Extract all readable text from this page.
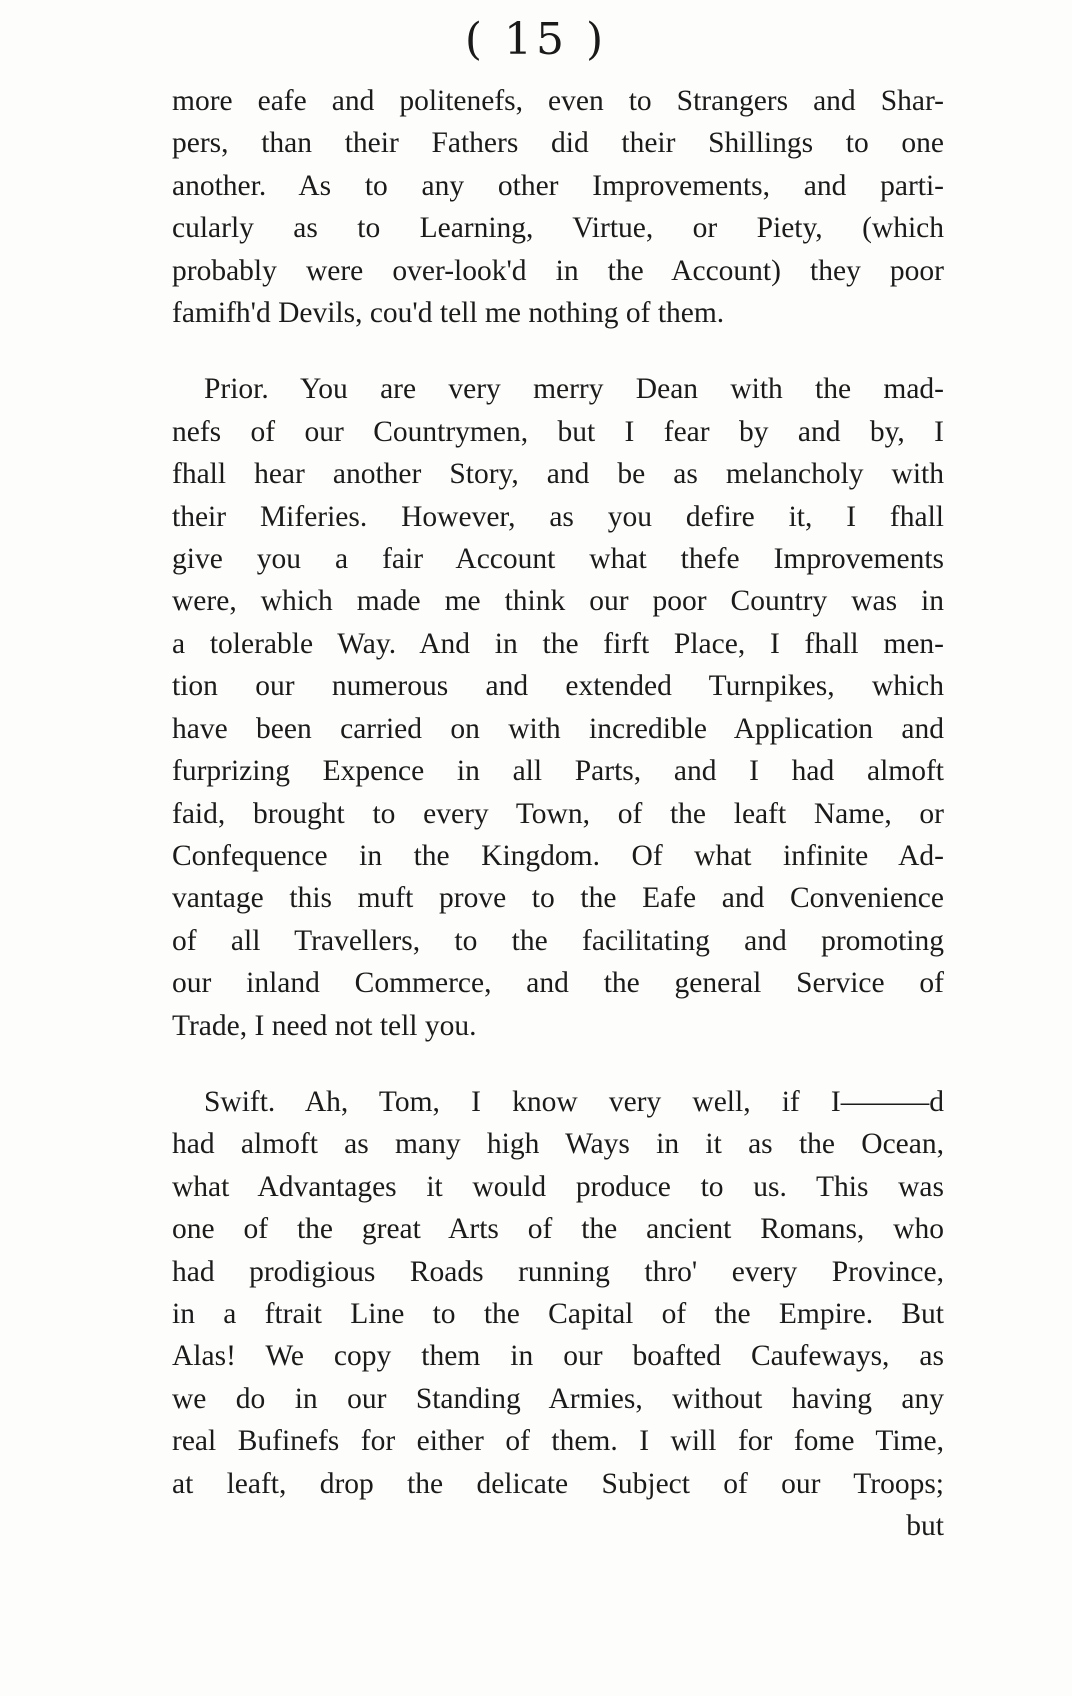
( 15 )

more eafe and politenefs, even to Strangers and Shar-
pers, than their Fathers did their Shillings to one
another. As to any other Improvements, and parti-
cularly as to Learning, Virtue, or Piety, (which
probably were over-look'd in the Account) they poor
famifh'd Devils, cou'd tell me nothing of them.

Prior. You are very merry Dean with the mad-
nefs of our Countrymen, but I fear by and by, I
fhall hear another Story, and be as melancholy with
their Miferies. However, as you defire it, I fhall
give you a fair Account what thefe Improvements
were, which made me think our poor Country was in
a tolerable Way. And in the firft Place, I fhall men-
tion our numerous and extended Turnpikes, which
have been carried on with incredible Application and
furprizing Expence in all Parts, and I had almoft
faid, brought to every Town, of the leaft Name, or
Confequence in the Kingdom. Of what infinite Ad-
vantage this muft prove to the Eafe and Convenience
of all Travellers, to the facilitating and promoting
our inland Commerce, and the general Service of
Trade, I need not tell you.

Swift. Ah, Tom, I know very well, if I———d
had almoft as many high Ways in it as the Ocean,
what Advantages it would produce to us. This was
one of the great Arts of the ancient Romans, who
had prodigious Roads running thro' every Province,
in a ftrait Line to the Capital of the Empire. But
Alas! We copy them in our boafted Caufeways, as
we do in our Standing Armies, without having any
real Bufinefs for either of them. I will for fome Time,
at leaft, drop the delicate Subject of our Troops;
but
